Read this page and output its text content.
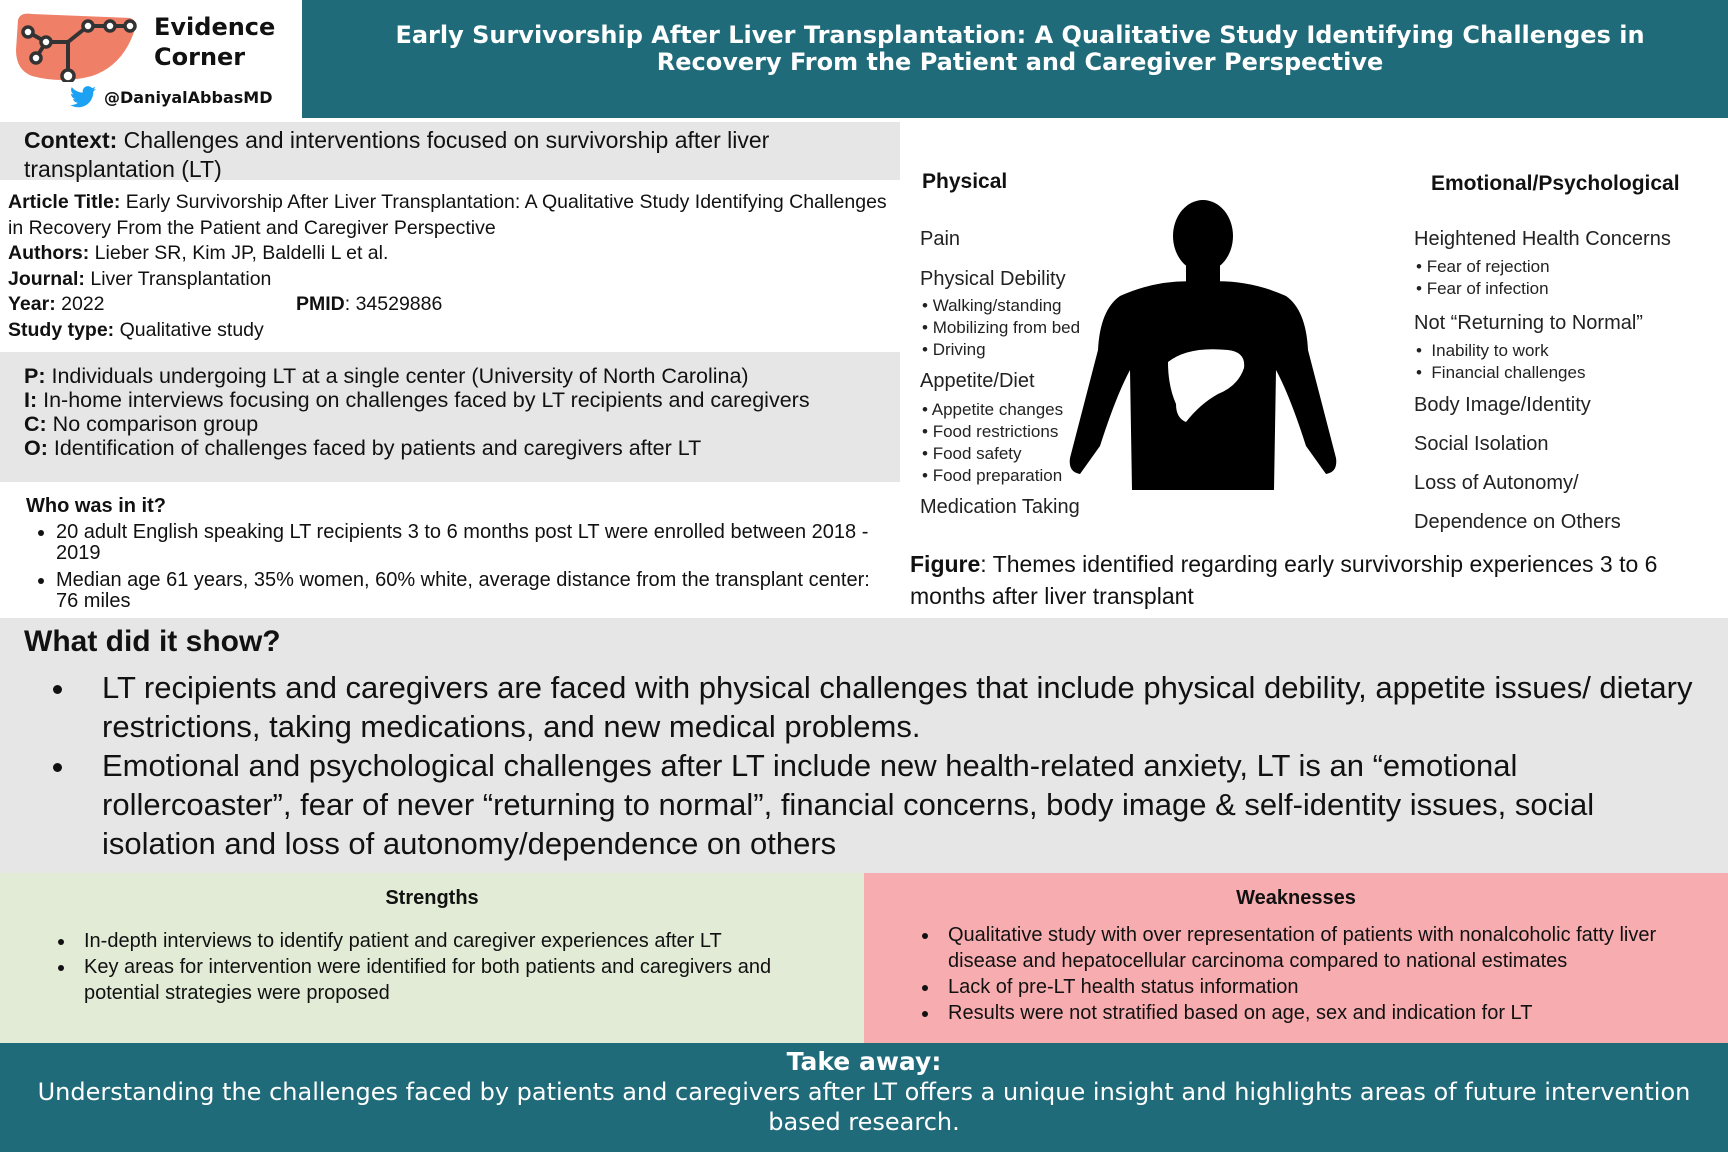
Evidence
Corner
@DaniyalAbbasMD
Early Survivorship After Liver Transplantation: A Qualitative Study Identifying Challenges in Recovery From the Patient and Caregiver Perspective

Context: Challenges and interventions focused on survivorship after liver transplantation (LT)

Article Title: Early Survivorship After Liver Transplantation: A Qualitative Study Identifying Challenges in Recovery From the Patient and Caregiver Perspective
Authors: Lieber SR, Kim JP, Baldelli L et al.
Journal: Liver Transplantation
Year: 2022	PMID: 34529886
Study type: Qualitative study
P: Individuals undergoing LT at a single center (University of North Carolina)
I: In-home interviews focusing on challenges faced by LT recipients and caregivers
C: No comparison group
O: Identification of challenges faced by patients and caregivers after LT
Who was in it?
• 20 adult English speaking LT recipients 3 to 6 months post LT were enrolled between 2018 - 2019
• Median age 61 years, 35% women, 60% white, average distance from the transplant center: 76 miles
Physical
Pain
Physical Debility
• Walking/standing
• Mobilizing from bed
• Driving
Appetite/Diet
• Appetite changes
• Food restrictions
• Food safety
• Food preparation
Medication Taking
Emotional/Psychological
Heightened Health Concerns
• Fear of rejection
• Fear of infection
Not “Returning to Normal”
•  Inability to work
•  Financial challenges
Body Image/Identity
Social Isolation
Loss of Autonomy/
Dependence on Others
Figure: Themes identified regarding early survivorship experiences 3 to 6 months after liver transplant
What did it show?
• LT recipients and caregivers are faced with physical challenges that include physical debility, appetite issues/ dietary restrictions, taking medications, and new medical problems.
• Emotional and psychological challenges after LT include new health-related anxiety, LT is an “emotional rollercoaster”, fear of never “returning to normal”, financial concerns, body image & self-identity issues, social isolation and loss of autonomy/dependence on others
Strengths
• In-depth interviews to identify patient and caregiver experiences after LT
• Key areas for intervention were identified for both patients and caregivers and potential strategies were proposed
Weaknesses
• Qualitative study with over representation of patients with nonalcoholic fatty liver disease and hepatocellular carcinoma compared to national estimates
• Lack of pre-LT health status information
• Results were not stratified based on age, sex and indication for LT
Take away:
Understanding the challenges faced by patients and caregivers after LT offers a unique insight and highlights areas of future intervention based research.
